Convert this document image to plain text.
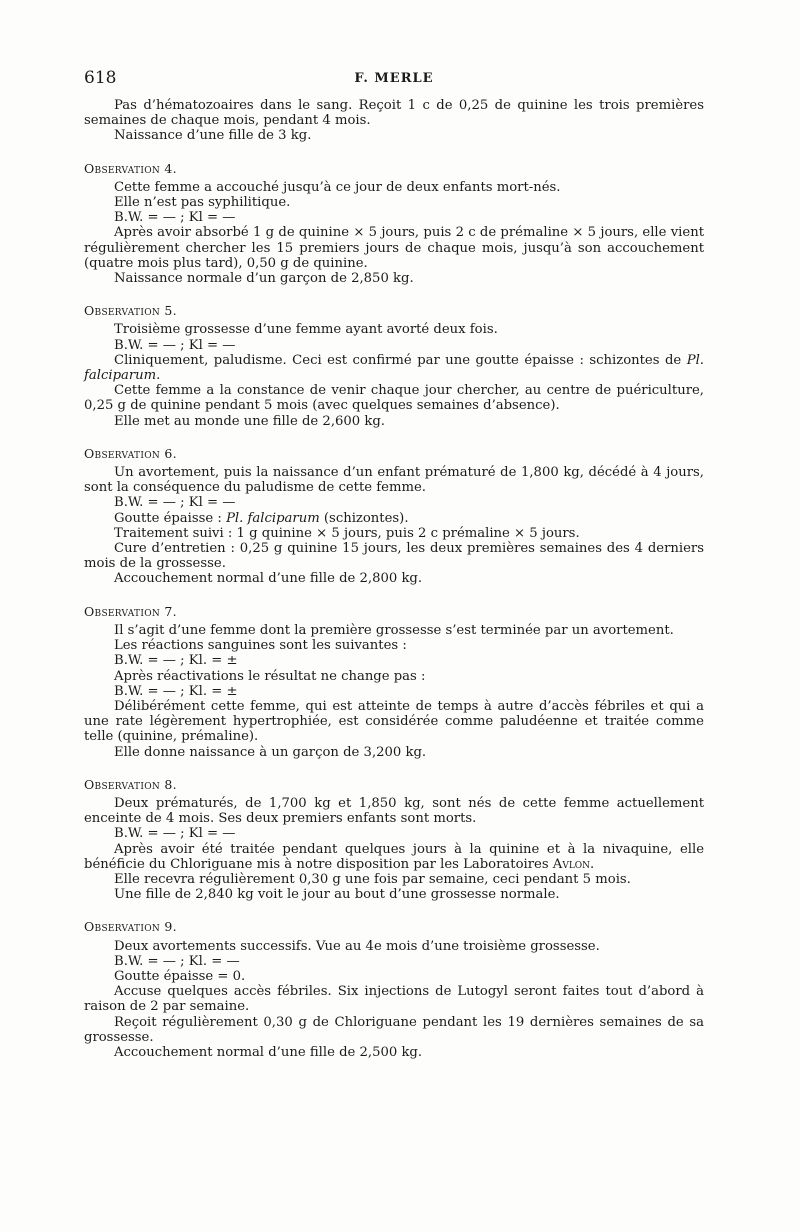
618	F. MERLE

Pas d’hématozoaires dans le sang. Reçoit 1 c de 0,25 de quinine les trois premières semaines de chaque mois, pendant 4 mois.

Naissance d’une fille de 3 kg.

Observation 4.

Cette femme a accouché jusqu’à ce jour de deux enfants mort-nés.

Elle n’est pas syphilitique.

B.W. = — ; Kl = —

Après avoir absorbé 1 g de quinine × 5 jours, puis 2 c de prémaline × 5 jours, elle vient régulièrement chercher les 15 premiers jours de chaque mois, jusqu’à son accouchement (quatre mois plus tard), 0,50 g de quinine.

Naissance normale d’un garçon de 2,850 kg.

Observation 5.

Troisième grossesse d’une femme ayant avorté deux fois.

B.W. = — ; Kl = —

Cliniquement, paludisme. Ceci est confirmé par une goutte épaisse : schizontes de Pl. falciparum.

Cette femme a la constance de venir chaque jour chercher, au centre de puériculture, 0,25 g de quinine pendant 5 mois (avec quelques semaines d’absence).

Elle met au monde une fille de 2,600 kg.

Observation 6.

Un avortement, puis la naissance d’un enfant prématuré de 1,800 kg, décédé à 4 jours, sont la conséquence du paludisme de cette femme.

B.W. = — ; Kl = —

Goutte épaisse : Pl. falciparum (schizontes).

Traitement suivi : 1 g quinine × 5 jours, puis 2 c prémaline × 5 jours.

Cure d’entretien : 0,25 g quinine 15 jours, les deux premières semaines des 4 derniers mois de la grossesse.

Accouchement normal d’une fille de 2,800 kg.

Observation 7.

Il s’agit d’une femme dont la première grossesse s’est terminée par un avortement.

Les réactions sanguines sont les suivantes :

B.W. = — ; Kl. = ±

Après réactivations le résultat ne change pas :

B.W. = — ; Kl. = ±

Délibérément cette femme, qui est atteinte de temps à autre d’accès fébriles et qui a une rate légèrement hypertrophiée, est considérée comme paludéenne et traitée comme telle (quinine, prémaline).

Elle donne naissance à un garçon de 3,200 kg.

Observation 8.

Deux prématurés, de 1,700 kg et 1,850 kg, sont nés de cette femme actuellement enceinte de 4 mois. Ses deux premiers enfants sont morts.

B.W. = — ; Kl = —

Après avoir été traitée pendant quelques jours à la quinine et à la nivaquine, elle bénéficie du Chloriguane mis à notre disposition par les Laboratoires Avlon.

Elle recevra régulièrement 0,30 g une fois par semaine, ceci pendant 5 mois.

Une fille de 2,840 kg voit le jour au bout d’une grossesse normale.

Observation 9.

Deux avortements successifs. Vue au 4e mois d’une troisième grossesse.

B.W. = — ; Kl. = —

Goutte épaisse = 0.

Accuse quelques accès fébriles. Six injections de Lutogyl seront faites tout d’abord à raison de 2 par semaine.

Reçoit régulièrement 0,30 g de Chloriguane pendant les 19 dernières semaines de sa grossesse.

Accouchement normal d’une fille de 2,500 kg.
